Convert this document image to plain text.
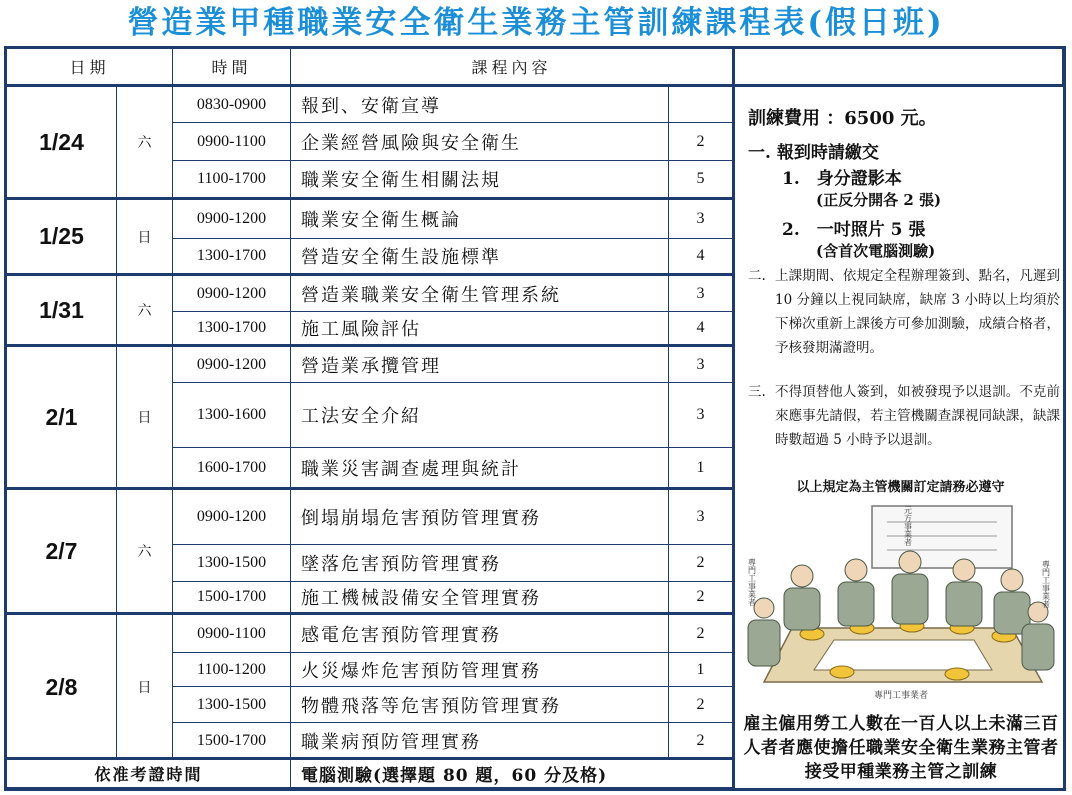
營造業甲種職業安全衛生業務主管訓練課程表(假日班)
日期	時間	課程內容
1/24	六
0830-0900	報到、安衛宣導
0900-1100	企業經營風險與安全衛生	2
1100-1700	職業安全衛生相關法規	5
1/25	日
0900-1200	職業安全衛生概論	3
1300-1700	營造安全衛生設施標準	4
1/31	六
0900-1200	營造業職業安全衛生管理系統	3
1300-1700	施工風險評估	4
2/1	日
0900-1200	營造業承攬管理	3
1300-1600	工法安全介紹	3
1600-1700	職業災害調查處理與統計	1
2/7	六
0900-1200	倒塌崩塌危害預防管理實務	3
1300-1500	墜落危害預防管理實務	2
1500-1700	施工機械設備安全管理實務	2
2/8	日
0900-1100	感電危害預防管理實務	2
1100-1200	火災爆炸危害預防管理實務	1
1300-1500	物體飛落等危害預防管理實務	2
1500-1700	職業病預防管理實務	2
依准考證時間	電腦測驗(選擇題 80 題，60 分及格)
訓練費用 ：6500 元。
一. 報到時請繳交
1.　身分證影本
(正反分開各 2 張)
2.　一吋照片 5 張
(含首次電腦測驗)
二. 上課期間、依規定全程辦理簽到、點名，凡遲到 10 分鐘以上視同缺席，缺席 3 小時以上均須於下梯次重新上課後方可參加測驗，成績合格者，予核發期滿證明。
三. 不得頂替他人簽到，如被發現予以退訓。不克前來應事先請假，若主管機關查課視同缺課，缺課時數超過 5 小時予以退訓。
以上規定為主管機關訂定請務必遵守
元方事業者
專門工事業者	專門工事業者
專門工事業者
雇主僱用勞工人數在一百人以上未滿三百人者者應使擔任職業安全衛生業務主管者接受甲種業務主管之訓練
